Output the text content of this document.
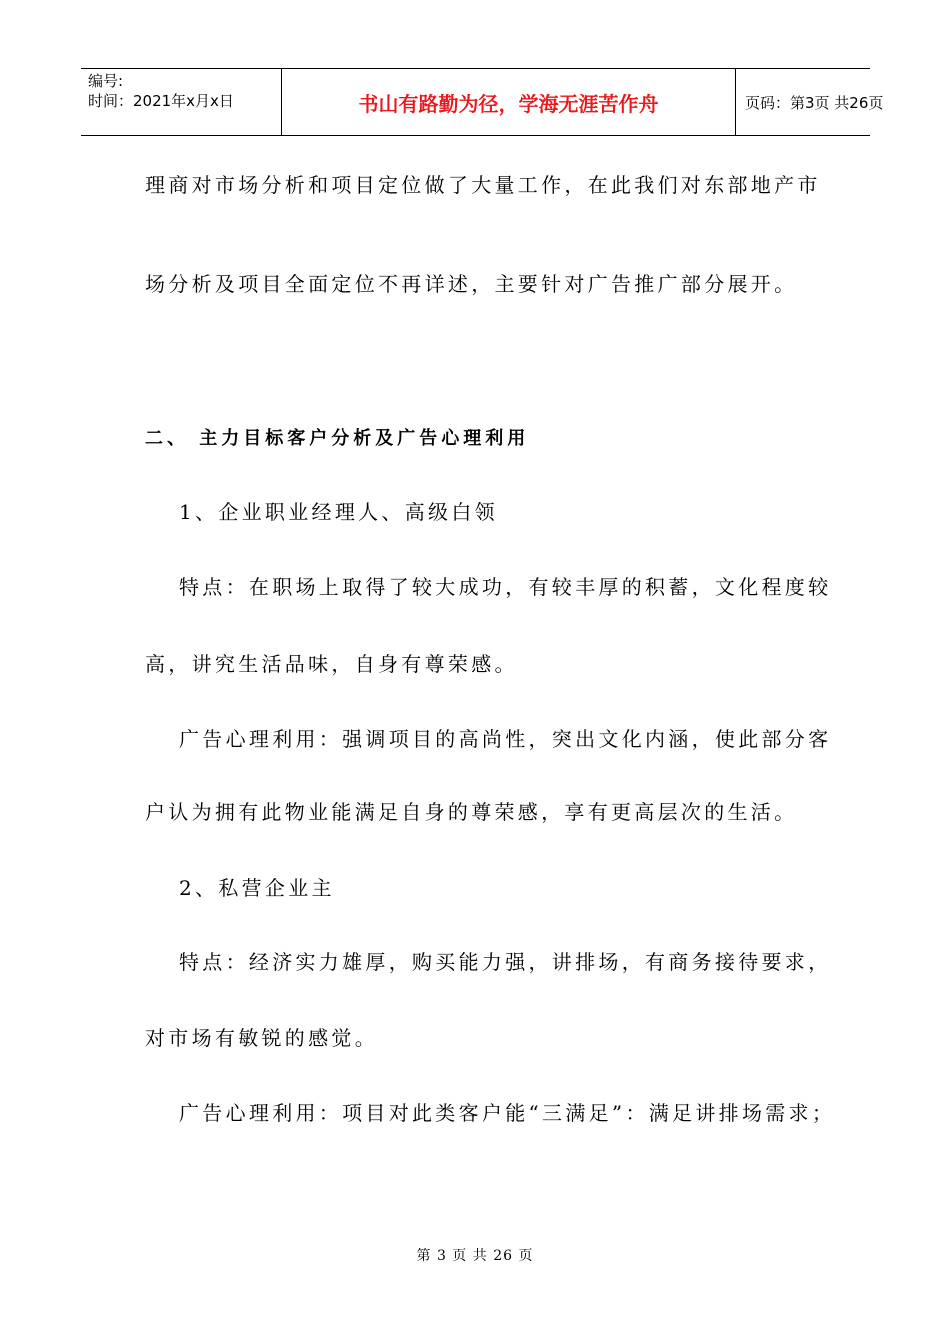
编号:
时间：2021年x月x日	书山有路勤为径，学海无涯苦作舟	页码：第3页 共26页
理商对市场分析和项目定位做了大量工作，在此我们对东部地产市
场分析及项目全面定位不再详述，主要针对广告推广部分展开。
二、 主力目标客户分析及广告心理利用
1、企业职业经理人、高级白领
特点：在职场上取得了较大成功，有较丰厚的积蓄，文化程度较
高，讲究生活品味，自身有尊荣感。
广告心理利用：强调项目的高尚性，突出文化内涵，使此部分客
户认为拥有此物业能满足自身的尊荣感，享有更高层次的生活。
2、私营企业主
特点：经济实力雄厚，购买能力强，讲排场，有商务接待要求，
对市场有敏锐的感觉。
广告心理利用：项目对此类客户能“三满足”：满足讲排场需求；
第 3 页 共 26 页
